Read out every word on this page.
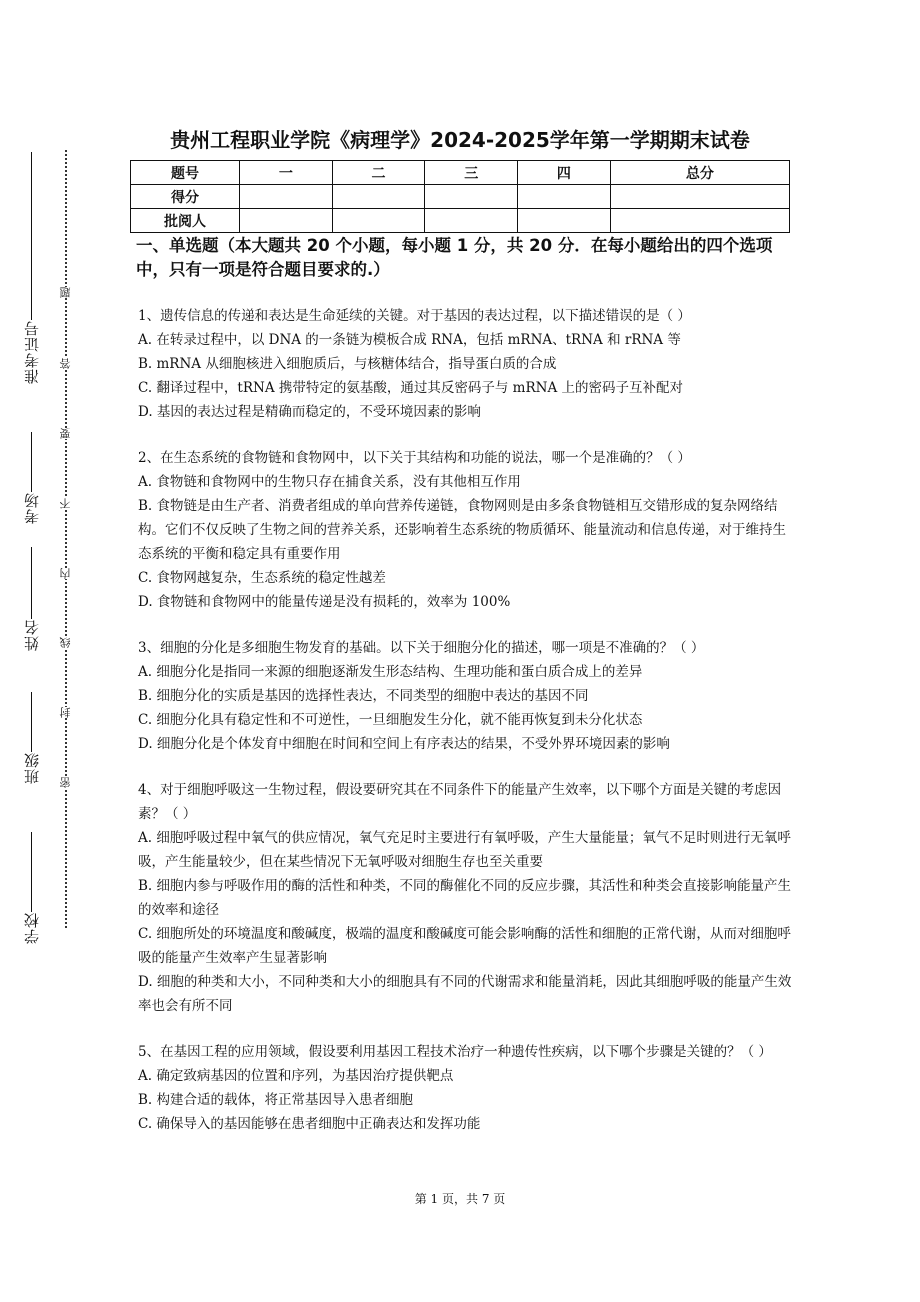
准考证号
考场
姓名
班级
学校
题
答
要
不
内
线
封
密
贵州工程职业学院《病理学》2024-2025学年第一学期期末试卷
题号	一	二	三	四	总分
得分					
批阅人					
一、单选题（本大题共 20 个小题，每小题 1 分，共 20 分．在每小题给出的四个选项中，只有一项是符合题目要求的.）
1、遗传信息的传递和表达是生命延续的关键。对于基因的表达过程，以下描述错误的是（ ）
A. 在转录过程中，以 DNA 的一条链为模板合成 RNA，包括 mRNA、tRNA 和 rRNA 等
B. mRNA 从细胞核进入细胞质后，与核糖体结合，指导蛋白质的合成
C. 翻译过程中，tRNA 携带特定的氨基酸，通过其反密码子与 mRNA 上的密码子互补配对
D. 基因的表达过程是精确而稳定的，不受环境因素的影响
2、在生态系统的食物链和食物网中，以下关于其结构和功能的说法，哪一个是准确的？（ ）
A. 食物链和食物网中的生物只存在捕食关系，没有其他相互作用
B. 食物链是由生产者、消费者组成的单向营养传递链，食物网则是由多条食物链相互交错形成的复杂网络结构。它们不仅反映了生物之间的营养关系，还影响着生态系统的物质循环、能量流动和信息传递，对于维持生态系统的平衡和稳定具有重要作用
C. 食物网越复杂，生态系统的稳定性越差
D. 食物链和食物网中的能量传递是没有损耗的，效率为 100%
3、细胞的分化是多细胞生物发育的基础。以下关于细胞分化的描述，哪一项是不准确的？（ ）
A. 细胞分化是指同一来源的细胞逐渐发生形态结构、生理功能和蛋白质合成上的差异
B. 细胞分化的实质是基因的选择性表达，不同类型的细胞中表达的基因不同
C. 细胞分化具有稳定性和不可逆性，一旦细胞发生分化，就不能再恢复到未分化状态
D. 细胞分化是个体发育中细胞在时间和空间上有序表达的结果，不受外界环境因素的影响
4、对于细胞呼吸这一生物过程，假设要研究其在不同条件下的能量产生效率，以下哪个方面是关键的考虑因素？（ ）
A. 细胞呼吸过程中氧气的供应情况，氧气充足时主要进行有氧呼吸，产生大量能量；氧气不足时则进行无氧呼吸，产生能量较少，但在某些情况下无氧呼吸对细胞生存也至关重要
B. 细胞内参与呼吸作用的酶的活性和种类，不同的酶催化不同的反应步骤，其活性和种类会直接影响能量产生的效率和途径
C. 细胞所处的环境温度和酸碱度，极端的温度和酸碱度可能会影响酶的活性和细胞的正常代谢，从而对细胞呼吸的能量产生效率产生显著影响
D. 细胞的种类和大小，不同种类和大小的细胞具有不同的代谢需求和能量消耗，因此其细胞呼吸的能量产生效率也会有所不同
5、在基因工程的应用领域，假设要利用基因工程技术治疗一种遗传性疾病，以下哪个步骤是关键的？（ ）
A. 确定致病基因的位置和序列，为基因治疗提供靶点
B. 构建合适的载体，将正常基因导入患者细胞
C. 确保导入的基因能够在患者细胞中正确表达和发挥功能
第 1 页，共 7 页
